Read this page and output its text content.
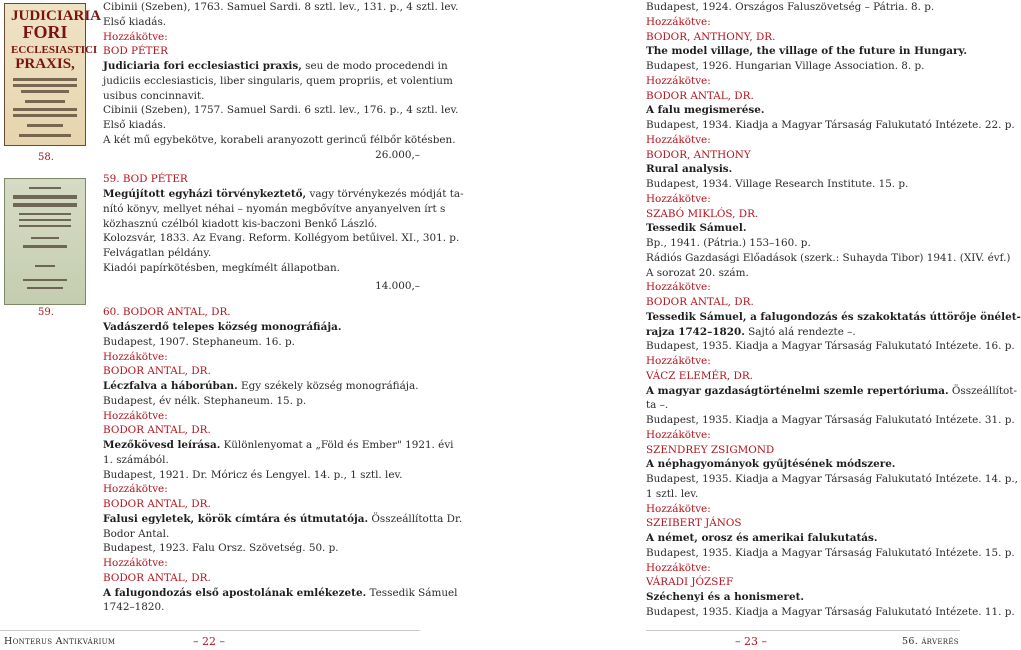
JUDICIARIA
FORI
ECCLESIASTICI
PRAXIS,
58.
59.
Cibinii (Szeben), 1763. Samuel Sardi. 8 sztl. lev., 131. p., 4 sztl. lev.
Első kiadás.
Hozzákötve:
BOD PÉTER
Judiciaria fori ecclesiastici praxis, seu de modo procedendi in
judiciis ecclesiasticis, liber singularis, quem propriis, et volentium
usibus concinnavit.
Cibinii (Szeben), 1757. Samuel Sardi. 6 sztl. lev., 176. p., 4 sztl. lev.
Első kiadás.
A két mű egybekötve, korabeli aranyozott gerincű félbőr kötésben.
26.000,–
59. BOD PÉTER
Megújított egyházi törvénykeztető, vagy törvénykezés módját ta-
nító könyv, mellyet néhai – nyomán megbővítve anyanyelven írt s
közhasznú czélból kiadott kis-baczoni Benkő László.
Kolozsvár, 1833. Az Evang. Reform. Kollégyom betűivel. XI., 301. p.
Felvágatlan példány.
Kiadói papírkötésben, megkímélt állapotban.
14.000,–
60. BODOR ANTAL, DR.
Vadászerdő telepes község monográfiája.
Budapest, 1907. Stephaneum. 16. p.
Hozzákötve:
BODOR ANTAL, DR.
Léczfalva a háborúban. Egy székely község monográfiája.
Budapest, év nélk. Stephaneum. 15. p.
Hozzákötve:
BODOR ANTAL, DR.
Mezőkövesd leírása. Különlenyomat a „Föld és Ember" 1921. évi
1. számából.
Budapest, 1921. Dr. Móricz és Lengyel. 14. p., 1 sztl. lev.
Hozzákötve:
BODOR ANTAL, DR.
Falusi egyletek, körök címtára és útmutatója. Összeállította Dr.
Bodor Antal.
Budapest, 1923. Falu Orsz. Szövetség. 50. p.
Hozzákötve:
BODOR ANTAL, DR.
A falugondozás első apostolának emlékezete. Tessedik Sámuel
1742–1820.
Budapest, 1924. Országos Faluszövetség – Pátria. 8. p.
Hozzákötve:
BODOR, ANTHONY, DR.
The model village, the village of the future in Hungary.
Budapest, 1926. Hungarian Village Association. 8. p.
Hozzákötve:
BODOR ANTAL, DR.
A falu megismerése.
Budapest, 1934. Kiadja a Magyar Társaság Falukutató Intézete. 22. p.
Hozzákötve:
BODOR, ANTHONY
Rural analysis.
Budapest, 1934. Village Research Institute. 15. p.
Hozzákötve:
SZABÓ MIKLÓS, DR.
Tessedik Sámuel.
Bp., 1941. (Pátria.) 153–160. p.
Rádiós Gazdasági Előadások (szerk.: Suhayda Tibor) 1941. (XIV. évf.)
A sorozat 20. szám.
Hozzákötve:
BODOR ANTAL, DR.
Tessedik Sámuel, a falugondozás és szakoktatás úttörője önélet-
rajza 1742–1820. Sajtó alá rendezte –.
Budapest, 1935. Kiadja a Magyar Társaság Falukutató Intézete. 16. p.
Hozzákötve:
VÁCZ ELEMÉR, DR.
A magyar gazdaságtörténelmi szemle repertóriuma. Összeállítot-
ta –.
Budapest, 1935. Kiadja a Magyar Társaság Falukutató Intézete. 31. p.
Hozzákötve:
SZENDREY ZSIGMOND
A néphagyományok gyűjtésének módszere.
Budapest, 1935. Kiadja a Magyar Társaság Falukutató Intézete. 14. p.,
1 sztl. lev.
Hozzákötve:
SZEIBERT JÁNOS
A német, orosz és amerikai falukutatás.
Budapest, 1935. Kiadja a Magyar Társaság Falukutató Intézete. 15. p.
Hozzákötve:
VÁRADI JÓZSEF
Széchenyi és a honismeret.
Budapest, 1935. Kiadja a Magyar Társaság Falukutató Intézete. 11. p.
Honterus Antikvárium	– 22 –	– 23 –	56. árverés
